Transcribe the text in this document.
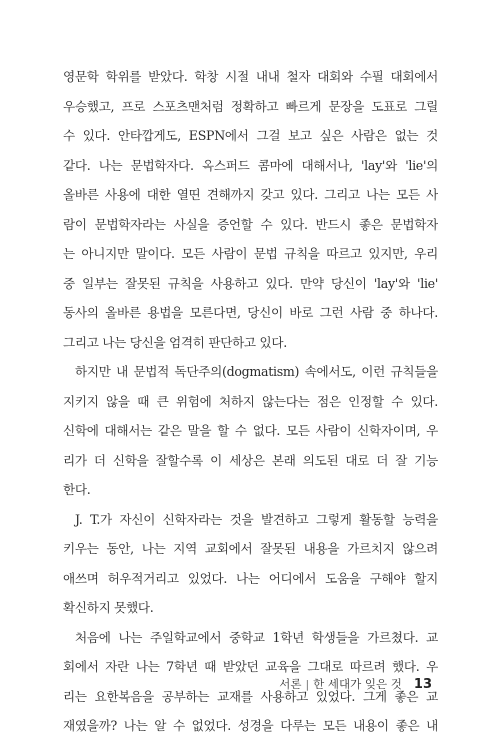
영문학 학위를 받았다. 학창 시절 내내 철자 대회와 수필 대회에서
우승했고, 프로 스포츠맨처럼 정확하고 빠르게 문장을 도표로 그릴
수 있다. 안타깝게도, ESPN에서 그걸 보고 싶은 사람은 없는 것
같다. 나는 문법학자다. 옥스퍼드 콤마에 대해서나, 'lay'와 'lie'의
올바른 사용에 대한 열띤 견해까지 갖고 있다. 그리고 나는 모든 사
람이 문법학자라는 사실을 증언할 수 있다. 반드시 좋은 문법학자
는 아니지만 말이다. 모든 사람이 문법 규칙을 따르고 있지만, 우리
중 일부는 잘못된 규칙을 사용하고 있다. 만약 당신이 'lay'와 'lie'
동사의 올바른 용법을 모른다면, 당신이 바로 그런 사람 중 하나다.
그리고 나는 당신을 엄격히 판단하고 있다.
하지만 내 문법적 독단주의(dogmatism) 속에서도, 이런 규칙들을
지키지 않을 때 큰 위험에 처하지 않는다는 점은 인정할 수 있다.
신학에 대해서는 같은 말을 할 수 없다. 모든 사람이 신학자이며, 우
리가 더 신학을 잘할수록 이 세상은 본래 의도된 대로 더 잘 기능
한다.
J. T.가 자신이 신학자라는 것을 발견하고 그렇게 활동할 능력을
키우는 동안, 나는 지역 교회에서 잘못된 내용을 가르치지 않으려
애쓰며 허우적거리고 있었다. 나는 어디에서 도움을 구해야 할지
확신하지 못했다.
처음에 나는 주일학교에서 중학교 1학년 학생들을 가르쳤다. 교
회에서 자란 나는 7학년 때 받았던 교육을 그대로 따르려 했다. 우
리는 요한복음을 공부하는 교재를 사용하고 있었다. 그게 좋은 교
재였을까? 나는 알 수 없었다. 성경을 다루는 모든 내용이 좋은 내
서론 | 한 세대가 잊은 것 13
